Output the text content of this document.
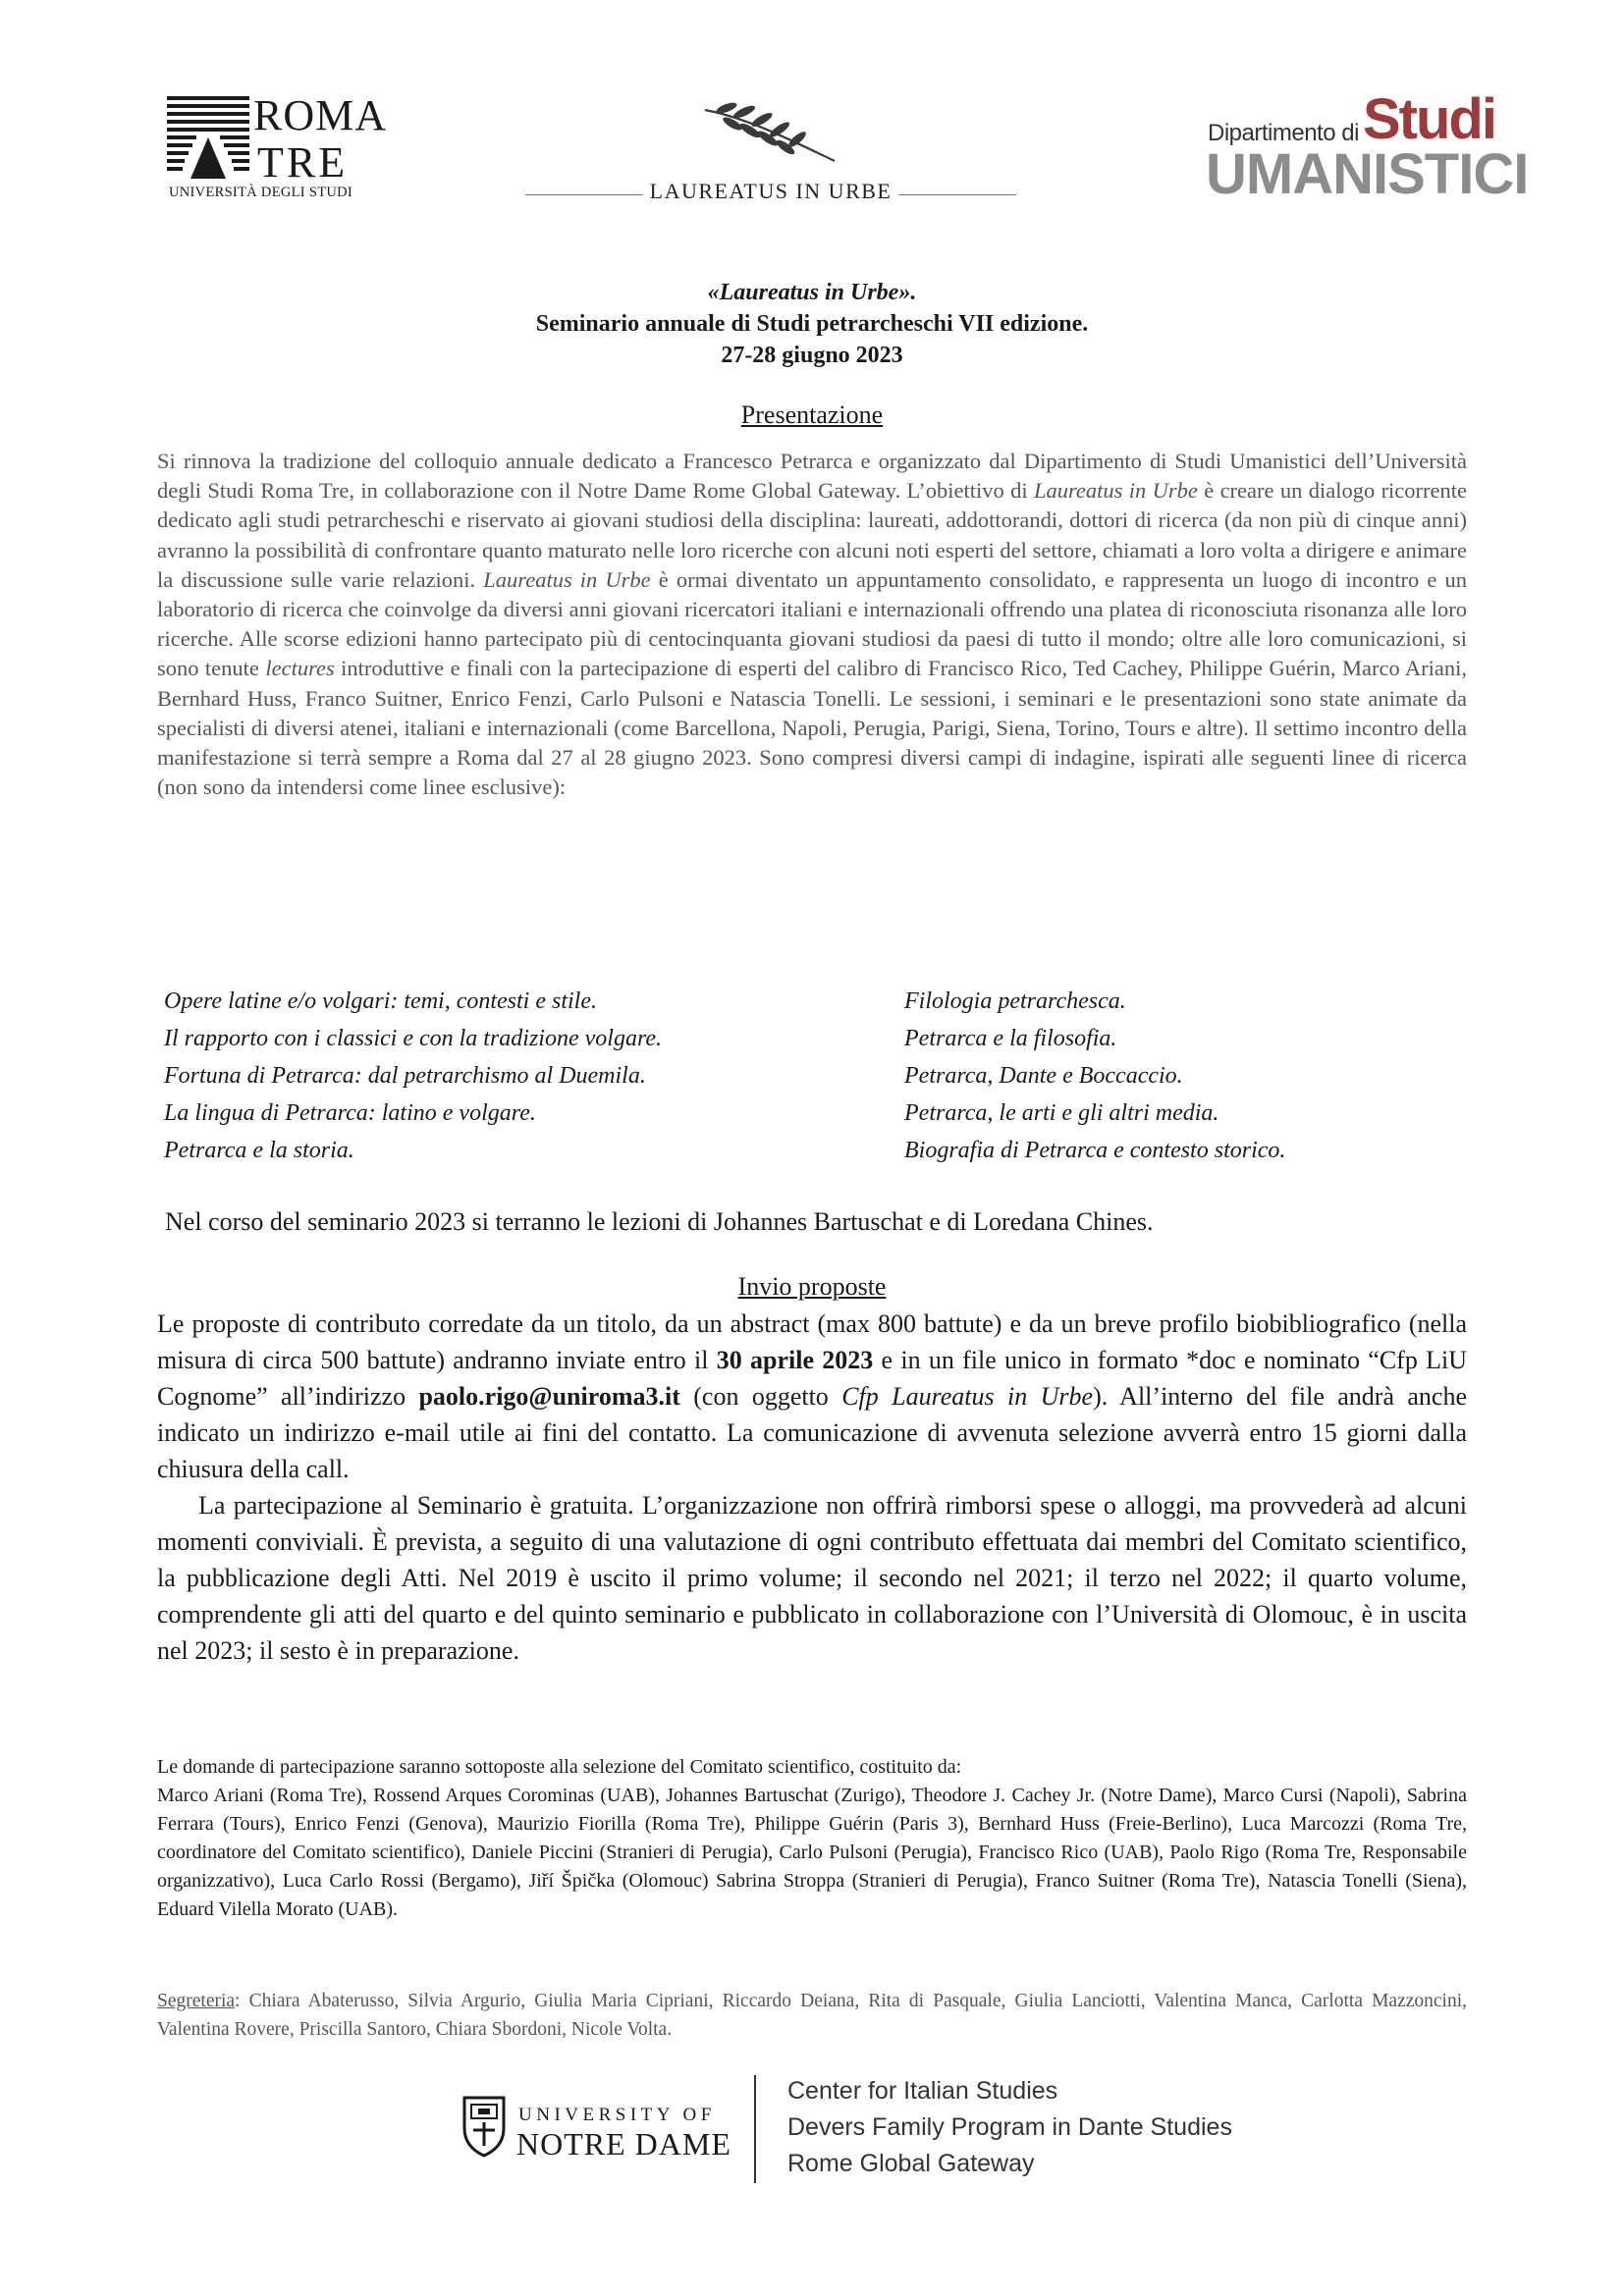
ROMA
TRE
UNIVERSITÀ DEGLI STUDI	LAUREATUS IN URBE
Dipartimento di Studi
UMANISTICI
«Laureatus in Urbe».
Seminario annuale di Studi petrarcheschi VII edizione.
27-28 giugno 2023
Presentazione
Si rinnova la tradizione del colloquio annuale dedicato a Francesco Petrarca e organizzato dal Dipartimento di Studi Umanistici dell’Università degli Studi Roma Tre, in collaborazione con il Notre Dame Rome Global Gateway. L’obiettivo di Laureatus in Urbe è creare un dialogo ricorrente dedicato agli studi petrarcheschi e riservato ai giovani studiosi della disciplina: laureati, addottorandi, dottori di ricerca (da non più di cinque anni) avranno la possibilità di confrontare quanto maturato nelle loro ricerche con alcuni noti esperti del settore, chiamati a loro volta a dirigere e animare la discussione sulle varie relazioni. Laureatus in Urbe è ormai diventato un appuntamento consolidato, e rappresenta un luogo di incontro e un laboratorio di ricerca che coinvolge da diversi anni giovani ricercatori italiani e internazionali offrendo una platea di riconosciuta risonanza alle loro ricerche. Alle scorse edizioni hanno partecipato più di centocinquanta giovani studiosi da paesi di tutto il mondo; oltre alle loro comunicazioni, si sono tenute lectures introduttive e finali con la partecipazione di esperti del calibro di Francisco Rico, Ted Cachey, Philippe Guérin, Marco Ariani, Bernhard Huss, Franco Suitner, Enrico Fenzi, Carlo Pulsoni e Natascia Tonelli. Le sessioni, i seminari e le presentazioni sono state animate da specialisti di diversi atenei, italiani e internazionali (come Barcellona, Napoli, Perugia, Parigi, Siena, Torino, Tours e altre). Il settimo incontro della manifestazione si terrà sempre a Roma dal 27 al 28 giugno 2023. Sono compresi diversi campi di indagine, ispirati alle seguenti linee di ricerca (non sono da intendersi come linee esclusive):
Opere latine e/o volgari: temi, contesti e stile.
Il rapporto con i classici e con la tradizione volgare.
Fortuna di Petrarca: dal petrarchismo al Duemila.
La lingua di Petrarca: latino e volgare.
Petrarca e la storia.
Filologia petrarchesca.
Petrarca e la filosofia.
Petrarca, Dante e Boccaccio.
Petrarca, le arti e gli altri media.
Biografia di Petrarca e contesto storico.
Nel corso del seminario 2023 si terranno le lezioni di Johannes Bartuschat e di Loredana Chines.
Invio proposte

Le proposte di contributo corredate da un titolo, da un abstract (max 800 battute) e da un breve profilo biobibliografico (nella misura di circa 500 battute) andranno inviate entro il 30 aprile 2023 e in un file unico in formato *doc e nominato “Cfp LiU Cognome” all’indirizzo paolo.rigo@uniroma3.it (con oggetto Cfp Laureatus in Urbe). All’interno del file andrà anche indicato un indirizzo e-mail utile ai fini del contatto. La comunicazione di avvenuta selezione avverrà entro 15 giorni dalla chiusura della call.

La partecipazione al Seminario è gratuita. L’organizzazione non offrirà rimborsi spese o alloggi, ma provvederà ad alcuni momenti conviviali. È prevista, a seguito di una valutazione di ogni contributo effettuata dai membri del Comitato scientifico, la pubblicazione degli Atti. Nel 2019 è uscito il primo volume; il secondo nel 2021; il terzo nel 2022; il quarto volume, comprendente gli atti del quarto e del quinto seminario e pubblicato in collaborazione con l’Università di Olomouc, è in uscita nel 2023; il sesto è in preparazione.

Le domande di partecipazione saranno sottoposte alla selezione del Comitato scientifico, costituito da:

Marco Ariani (Roma Tre), Rossend Arques Corominas (UAB), Johannes Bartuschat (Zurigo), Theodore J. Cachey Jr. (Notre Dame), Marco Cursi (Napoli), Sabrina Ferrara (Tours), Enrico Fenzi (Genova), Maurizio Fiorilla (Roma Tre), Philippe Guérin (Paris 3), Bernhard Huss (Freie-Berlino), Luca Marcozzi (Roma Tre, coordinatore del Comitato scientifico), Daniele Piccini (Stranieri di Perugia), Carlo Pulsoni (Perugia), Francisco Rico (UAB), Paolo Rigo (Roma Tre, Responsabile organizzativo), Luca Carlo Rossi (Bergamo), Jiří Špička (Olomouc) Sabrina Stroppa (Stranieri di Perugia), Franco Suitner (Roma Tre), Natascia Tonelli (Siena), Eduard Vilella Morato (UAB).

Segreteria: Chiara Abaterusso, Silvia Argurio, Giulia Maria Cipriani, Riccardo Deiana, Rita di Pasquale, Giulia Lanciotti, Valentina Manca, Carlotta Mazzoncini, Valentina Rovere, Priscilla Santoro, Chiara Sbordoni, Nicole Volta.
UNIVERSITY OF
NOTRE DAME
Center for Italian Studies
Devers Family Program in Dante Studies
Rome Global Gateway
